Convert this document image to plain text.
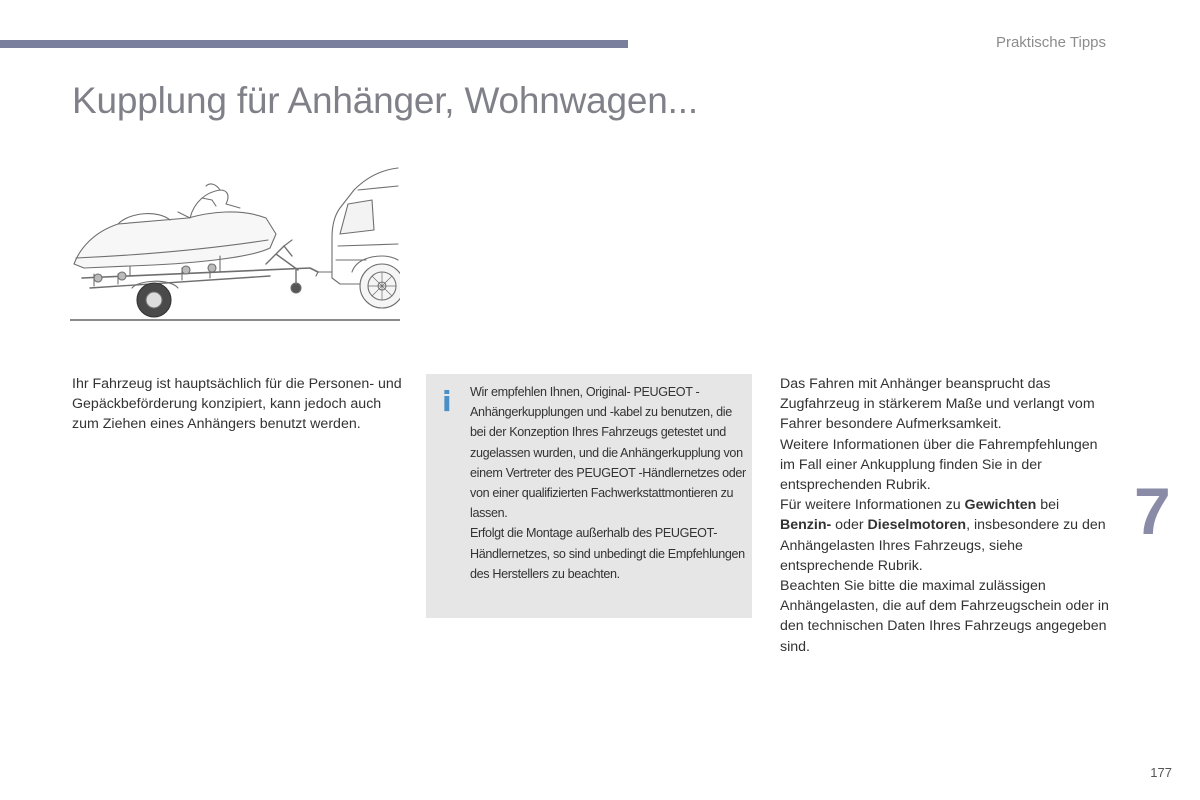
Praktische Tipps
Kupplung für Anhänger, Wohnwagen...

Ihr Fahrzeug ist hauptsächlich für die Personen- und Gepäckbeförderung konzipiert, kann jedoch auch zum Ziehen eines Anhängers benutzt werden.

i Wir empfehlen Ihnen, Original- PEUGEOT -Anhängerkupplungen und -kabel zu benutzen, die bei der Konzeption Ihres Fahrzeugs getestet und zugelassen wurden, und die Anhängerkupplung von einem Vertreter des PEUGEOT -Händlernetzes oder von einer qualifizierten Fachwerkstattmontieren zu lassen.

Erfolgt die Montage außerhalb des PEUGEOT-Händlernetzes, so sind unbedingt die Empfehlungen des Herstellers zu beachten.

Das Fahren mit Anhänger beansprucht das Zugfahrzeug in stärkerem Maße und verlangt vom Fahrer besondere Aufmerksamkeit.

Weitere Informationen über die Fahrempfehlungen im Fall einer Ankupplung finden Sie in der entsprechenden Rubrik.

Für weitere Informationen zu Gewichten bei Benzin- oder Dieselmotoren, insbesondere zu den Anhängelasten Ihres Fahrzeugs, siehe entsprechende Rubrik.

Beachten Sie bitte die maximal zulässigen Anhängelasten, die auf dem Fahrzeugschein oder in den technischen Daten Ihres Fahrzeugs angegeben sind.

7
177
